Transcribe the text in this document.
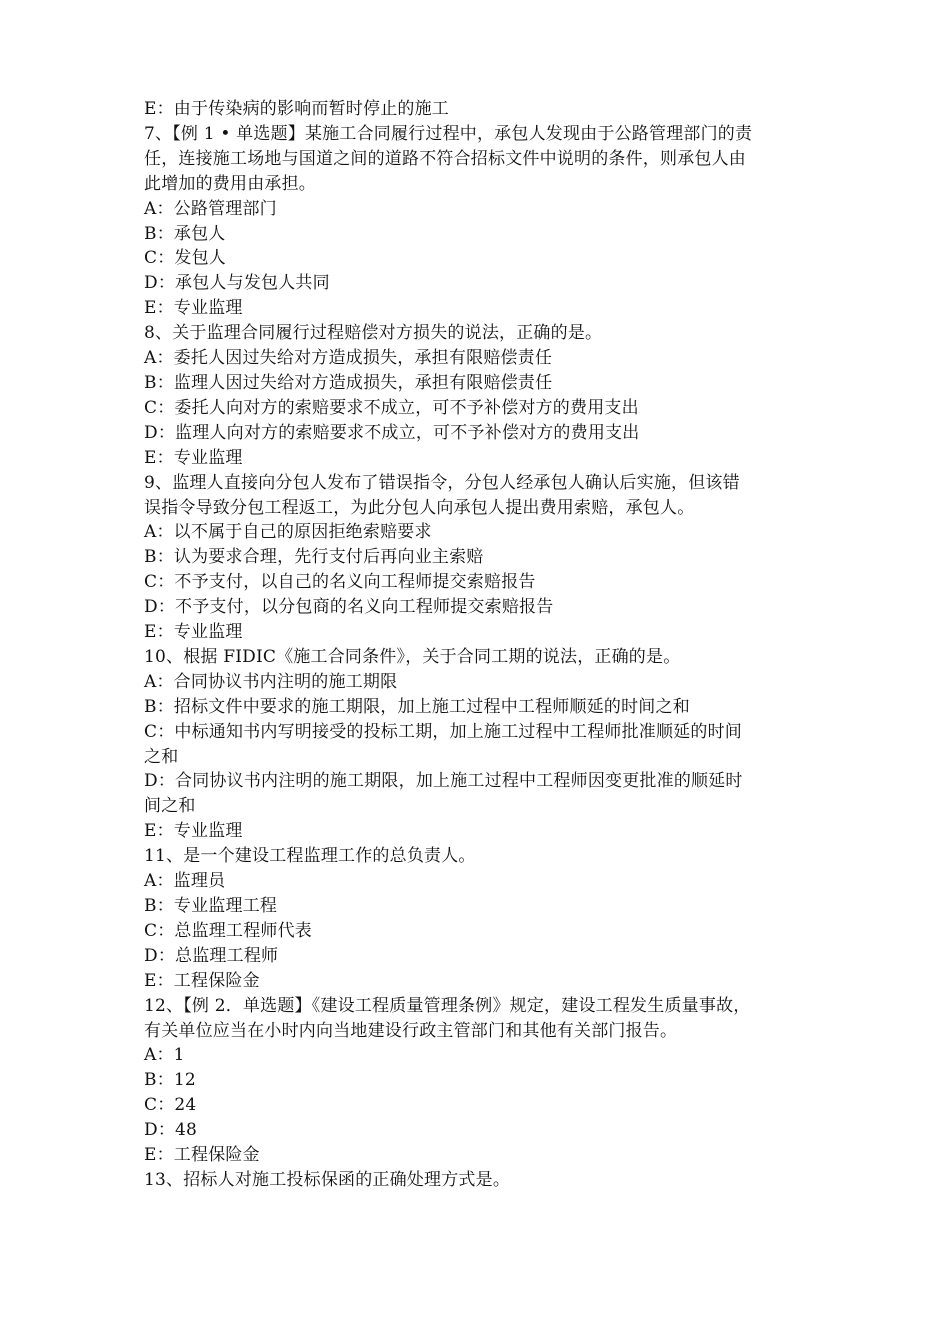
E：由于传染病的影响而暂时停止的施工
7、【例 1 • 单选题】某施工合同履行过程中，承包人发现由于公路管理部门的责
任，连接施工场地与国道之间的道路不符合招标文件中说明的条件，则承包人由
此增加的费用由承担。
A：公路管理部门
B：承包人
C：发包人
D：承包人与发包人共同
E：专业监理
8、关于监理合同履行过程赔偿对方损失的说法，正确的是。
A：委托人因过失给对方造成损失，承担有限赔偿责任
B：监理人因过失给对方造成损失，承担有限赔偿责任
C：委托人向对方的索赔要求不成立，可不予补偿对方的费用支出
D：监理人向对方的索赔要求不成立，可不予补偿对方的费用支出
E：专业监理
9、监理人直接向分包人发布了错误指令，分包人经承包人确认后实施，但该错
误指令导致分包工程返工，为此分包人向承包人提出费用索赔，承包人。
A：以不属于自己的原因拒绝索赔要求
B：认为要求合理，先行支付后再向业主索赔
C：不予支付，以自己的名义向工程师提交索赔报告
D：不予支付，以分包商的名义向工程师提交索赔报告
E：专业监理
10、根据 FIDIC《施工合同条件》，关于合同工期的说法，正确的是。
A：合同协议书内注明的施工期限
B：招标文件中要求的施工期限，加上施工过程中工程师顺延的时间之和
C：中标通知书内写明接受的投标工期，加上施工过程中工程师批准顺延的时间
之和
D：合同协议书内注明的施工期限，加上施工过程中工程师因变更批准的顺延时
间之和
E：专业监理
11、是一个建设工程监理工作的总负责人。
A：监理员
B：专业监理工程
C：总监理工程师代表
D：总监理工程师
E：工程保险金
12、【例 2．单选题】《建设工程质量管理条例》规定，建设工程发生质量事故，
有关单位应当在小时内向当地建设行政主管部门和其他有关部门报告。
A：1
B：12
C：24
D：48
E：工程保险金
13、招标人对施工投标保函的正确处理方式是。
